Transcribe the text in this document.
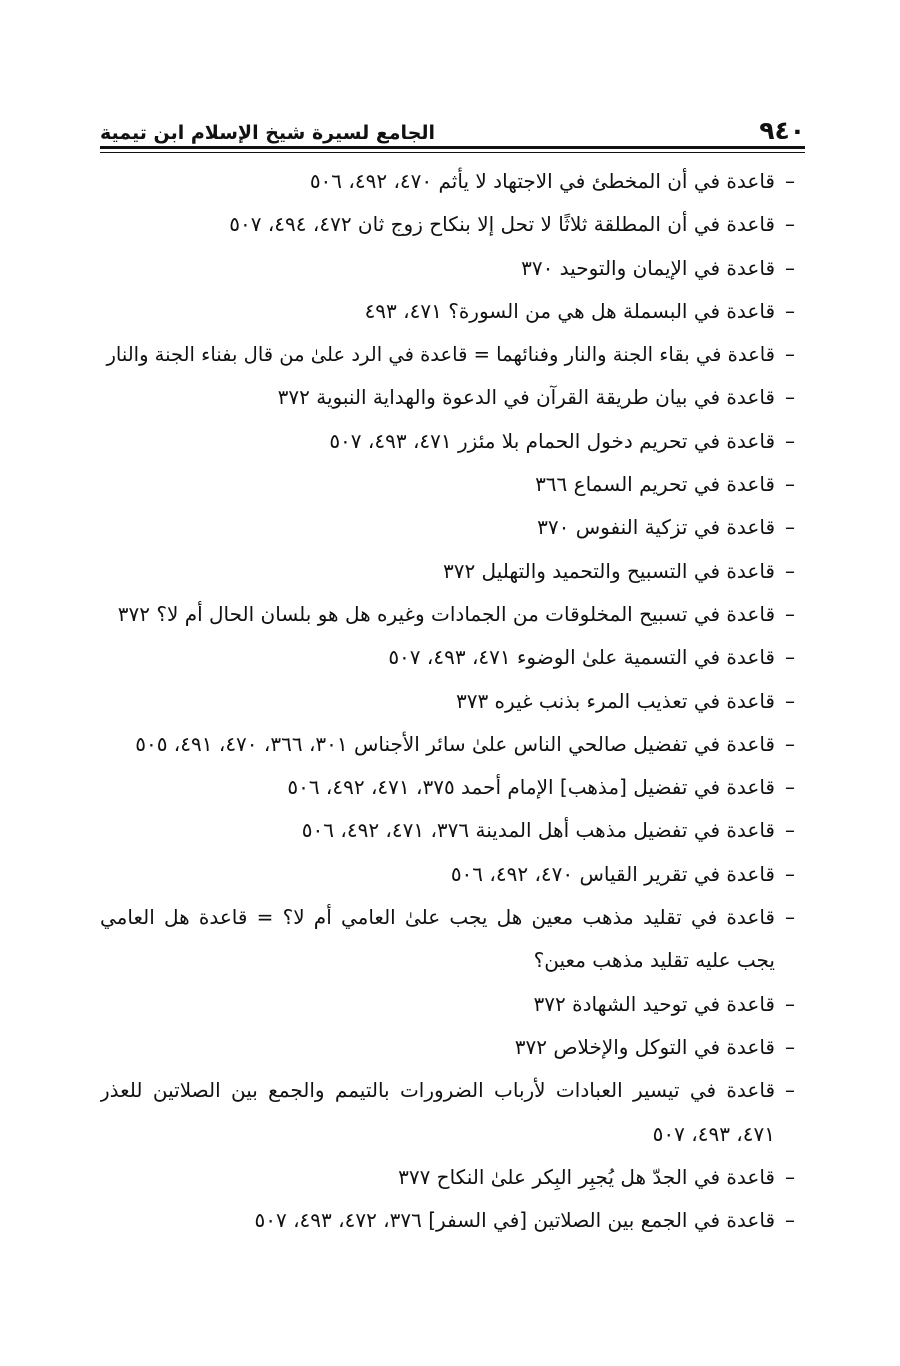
٩٤٠
الجامع لسيرة شيخ الإسلام ابن تيمية
–
قاعدة في أن المخطئ في الاجتهاد لا يأثم ٤٧٠، ٤٩٢، ٥٠٦
–
قاعدة في أن المطلقة ثلاثًا لا تحل إلا بنكاح زوج ثان ٤٧٢، ٤٩٤، ٥٠٧
–
قاعدة في الإيمان والتوحيد ٣٧٠
–
قاعدة في البسملة هل هي من السورة؟ ٤٧١، ٤٩٣
–
قاعدة في بقاء الجنة والنار وفنائهما = قاعدة في الرد علىٰ من قال بفناء الجنة والنار
–
قاعدة في بيان طريقة القرآن في الدعوة والهداية النبوية ٣٧٢
–
قاعدة في تحريم دخول الحمام بلا مئزر ٤٧١، ٤٩٣، ٥٠٧
–
قاعدة في تحريم السماع ٣٦٦
–
قاعدة في تزكية النفوس ٣٧٠
–
قاعدة في التسبيح والتحميد والتهليل ٣٧٢
–
قاعدة في تسبيح المخلوقات من الجمادات وغيره هل هو بلسان الحال أم لا؟ ٣٧٢
–
قاعدة في التسمية علىٰ الوضوء ٤٧١، ٤٩٣، ٥٠٧
–
قاعدة في تعذيب المرء بذنب غيره ٣٧٣
–
قاعدة في تفضيل صالحي الناس علىٰ سائر الأجناس ٣٠١، ٣٦٦، ٤٧٠، ٤٩١، ٥٠٥
–
قاعدة في تفضيل [مذهب] الإمام أحمد ٣٧٥، ٤٧١، ٤٩٢، ٥٠٦
–
قاعدة في تفضيل مذهب أهل المدينة ٣٧٦، ٤٧١، ٤٩٢، ٥٠٦
–
قاعدة في تقرير القياس ٤٧٠، ٤٩٢، ٥٠٦
–
قاعدة في تقليد مذهب معين هل يجب علىٰ العامي أم لا؟ = قاعدة هل العامي يجب عليه تقليد مذهب معين؟
–
قاعدة في توحيد الشهادة ٣٧٢
–
قاعدة في التوكل والإخلاص ٣٧٢
–
قاعدة في تيسير العبادات لأرباب الضرورات بالتيمم والجمع بين الصلاتين للعذر ٤٧١، ٤٩٣، ٥٠٧
–
قاعدة في الجدّ هل يُجبِر البِكر علىٰ النكاح ٣٧٧
–
قاعدة في الجمع بين الصلاتين [في السفر] ٣٧٦، ٤٧٢، ٤٩٣، ٥٠٧
